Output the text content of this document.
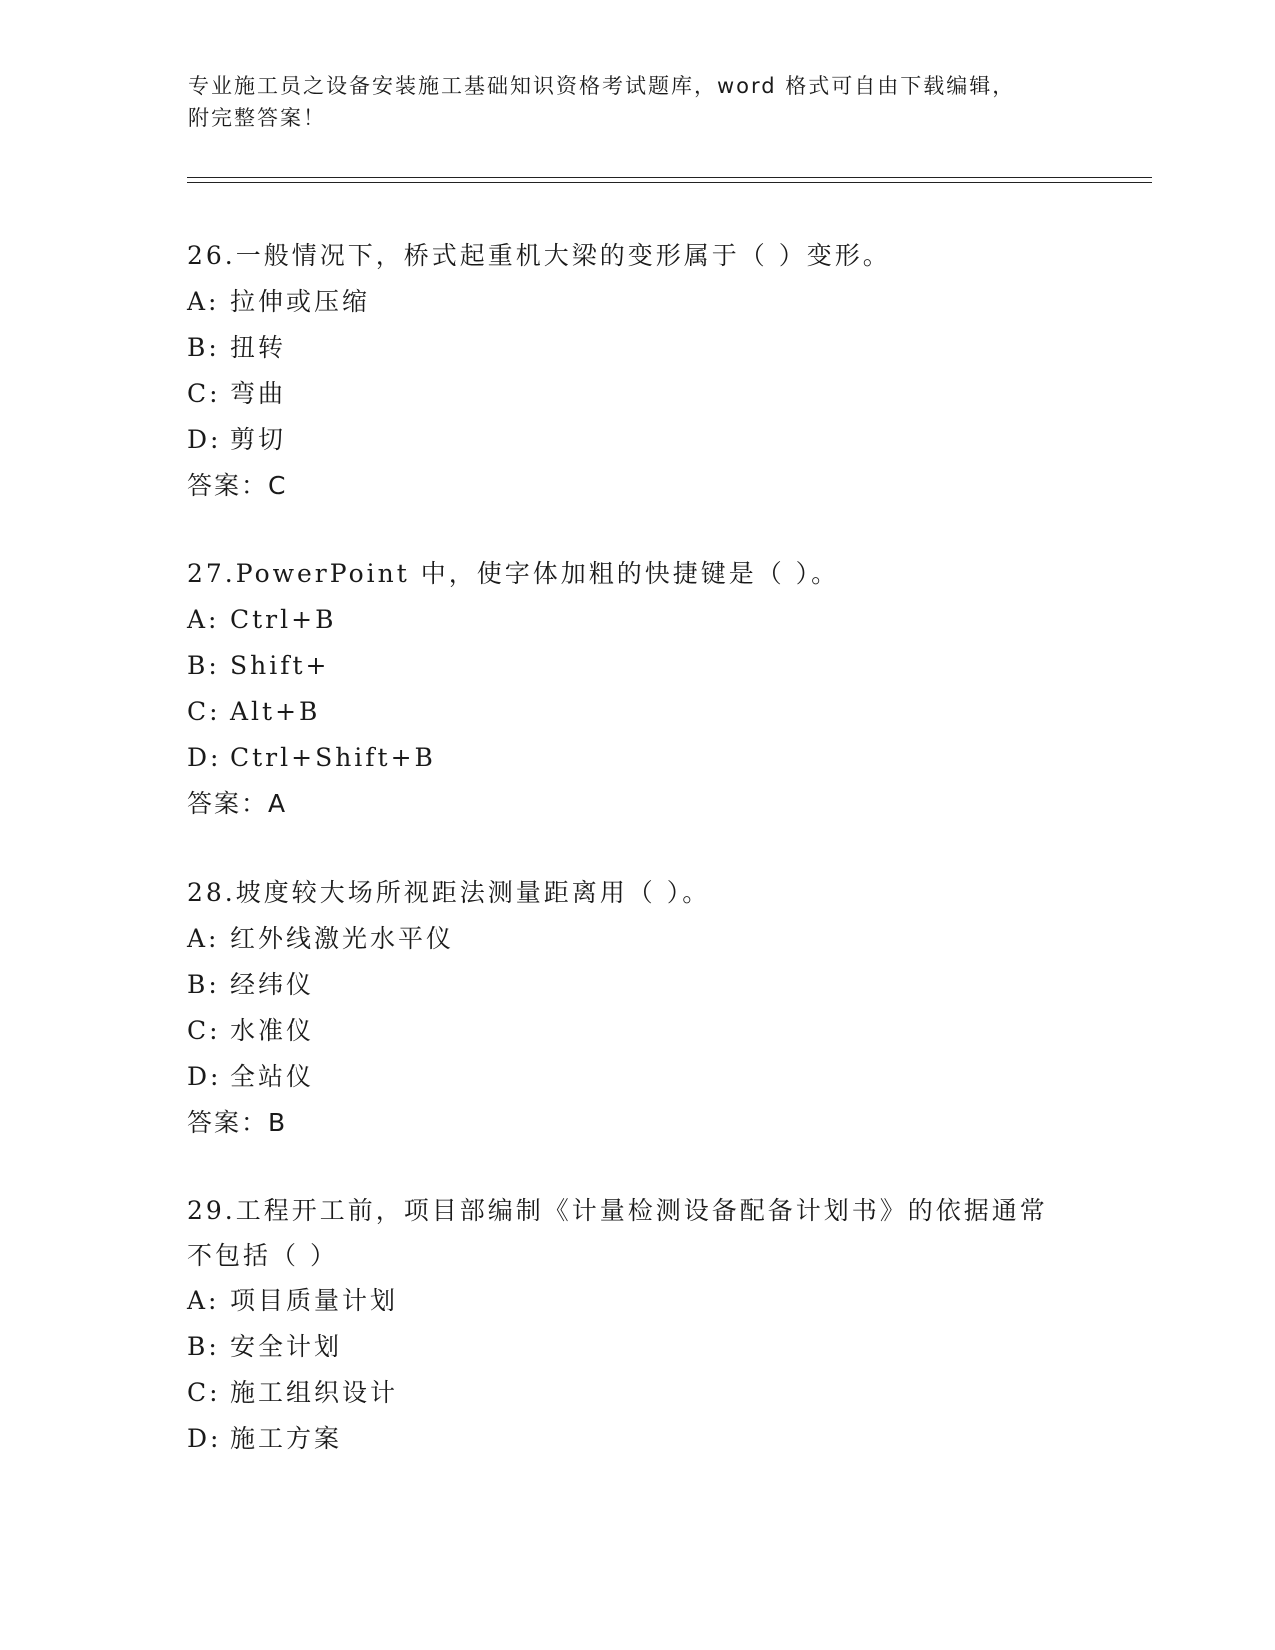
专业施工员之设备安装施工基础知识资格考试题库，word 格式可自由下载编辑，
附完整答案！
26.一般情况下，桥式起重机大梁的变形属于（ ）变形。
A: 拉伸或压缩
B: 扭转
C: 弯曲
D: 剪切
答案：C
27.PowerPoint 中，使字体加粗的快捷键是（ ）。
A: Ctrl+B
B: Shift+
C: Alt+B
D: Ctrl+Shift+B
答案：A
28.坡度较大场所视距法测量距离用（ ）。
A: 红外线激光水平仪
B: 经纬仪
C: 水准仪
D: 全站仪
答案：B
29.工程开工前，项目部编制《计量检测设备配备计划书》的依据通常不包括（ ）
A: 项目质量计划
B: 安全计划
C: 施工组织设计
D: 施工方案
